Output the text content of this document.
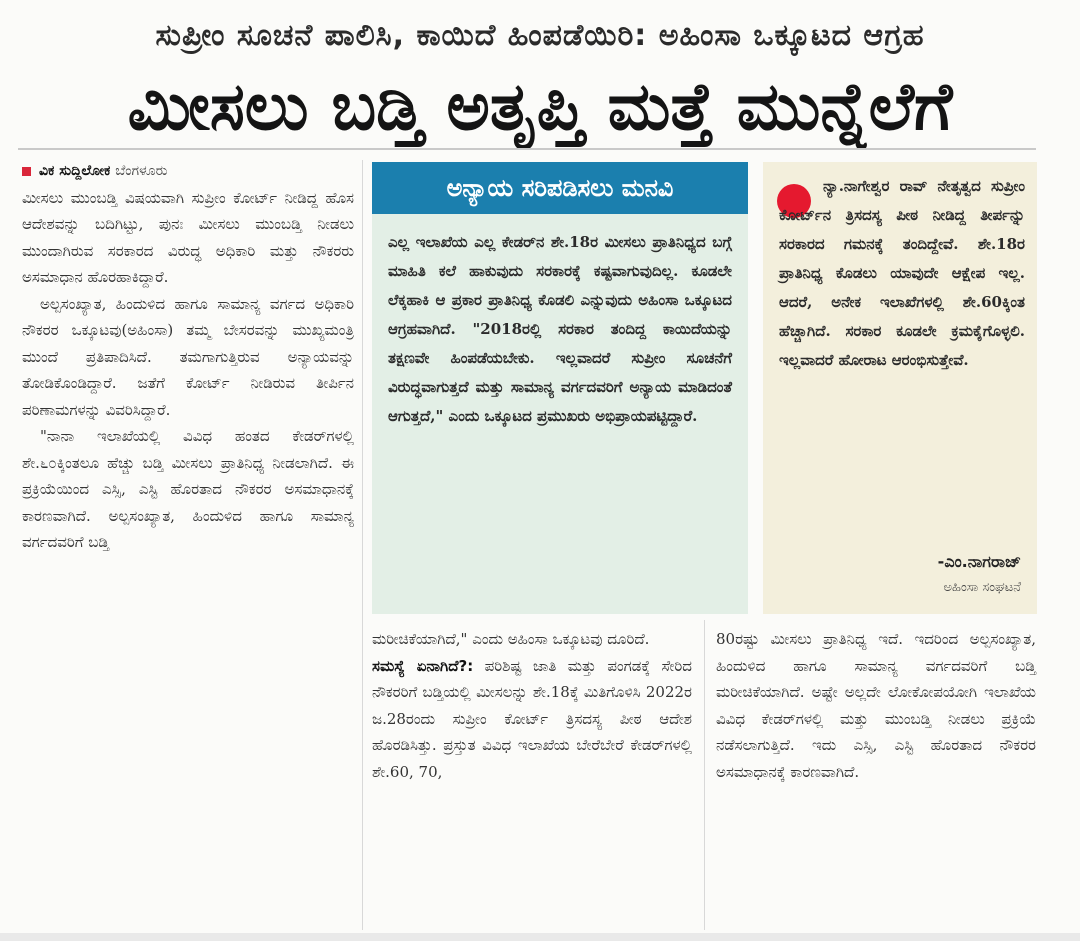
ಸುಪ್ರೀಂ ಸೂಚನೆ ಪಾಲಿಸಿ, ಕಾಯಿದೆ ಹಿಂಪಡೆಯಿರಿ: ಅಹಿಂಸಾ ಒಕ್ಕೂಟದ ಆಗ್ರಹ
ಮೀಸಲು ಬಡ್ತಿ ಅತೃಪ್ತಿ ಮತ್ತೆ ಮುನ್ನೆಲೆಗೆ

ವಿಕ ಸುದ್ದಿಲೋಕ ಬೆಂಗಳೂರು

ಮೀಸಲು ಮುಂಬಡ್ತಿ ವಿಷಯವಾಗಿ ಸುಪ್ರೀಂ ಕೋರ್ಟ್‌ ನೀಡಿದ್ದ ಹೊಸ ಆದೇಶವನ್ನು ಬದಿಗಿಟ್ಟು, ಪುನಃ ಮೀಸಲು ಮುಂಬಡ್ತಿ ನೀಡಲು ಮುಂದಾಗಿರುವ ಸರಕಾರದ ವಿರುದ್ಧ ಅಧಿಕಾರಿ ಮತ್ತು ನೌಕರರು ಅಸಮಾಧಾನ ಹೊರಹಾಕಿದ್ದಾರೆ.

ಅಲ್ಪಸಂಖ್ಯಾತ, ಹಿಂದುಳಿದ ಹಾಗೂ ಸಾಮಾನ್ಯ ವರ್ಗದ ಅಧಿಕಾರಿ ನೌಕರರ ಒಕ್ಕೂಟವು(ಅಹಿಂಸಾ) ತಮ್ಮ ಬೇಸರವನ್ನು ಮುಖ್ಯಮಂತ್ರಿ ಮುಂದೆ ಪ್ರತಿಪಾದಿಸಿದೆ. ತಮಗಾಗುತ್ತಿರುವ ಅನ್ಯಾಯವನ್ನು ತೋಡಿಕೊಂಡಿದ್ದಾರೆ. ಜತೆಗೆ ಕೋರ್ಟ್‌ ನೀಡಿರುವ ತೀರ್ಪಿನ ಪರಿಣಾಮಗಳನ್ನು ವಿವರಿಸಿದ್ದಾರೆ.

"ನಾನಾ ಇಲಾಖೆಯಲ್ಲಿ ವಿವಿಧ ಹಂತದ ಕೇಡರ್‌ಗಳಲ್ಲಿ ಶೇ.೬೦ಕ್ಕಿಂತಲೂ ಹೆಚ್ಚು ಬಡ್ತಿ ಮೀಸಲು ಪ್ರಾತಿನಿಧ್ಯ ನೀಡಲಾಗಿದೆ. ಈ ಪ್ರಕ್ರಿಯೆಯಿಂದ ಎಸ್ಸಿ, ಎಸ್ಟಿ ಹೊರತಾದ ನೌಕರರ ಅಸಮಾಧಾನಕ್ಕೆ ಕಾರಣವಾಗಿದೆ. ಅಲ್ಪಸಂಖ್ಯಾತ, ಹಿಂದುಳಿದ ಹಾಗೂ ಸಾಮಾನ್ಯ ವರ್ಗದವರಿಗೆ ಬಡ್ತಿ

ಅನ್ಯಾಯ ಸರಿಪಡಿಸಲು ಮನವಿ
ಎಲ್ಲ ಇಲಾಖೆಯ ಎಲ್ಲ ಕೇಡರ್‌ನ ಶೇ.18ರ ಮೀಸಲು ಪ್ರಾತಿನಿಧ್ಯದ ಬಗ್ಗೆ ಮಾಹಿತಿ ಕಲೆ ಹಾಕುವುದು ಸರಕಾರಕ್ಕೆ ಕಷ್ಟವಾಗುವುದಿಲ್ಲ. ಕೂಡಲೇ ಲೆಕ್ಕಹಾಕಿ ಆ ಪ್ರಕಾರ ಪ್ರಾತಿನಿಧ್ಯ ಕೊಡಲಿ ಎನ್ನುವುದು ಅಹಿಂಸಾ ಒಕ್ಕೂಟದ ಆಗ್ರಹವಾಗಿದೆ. "2018ರಲ್ಲಿ ಸರಕಾರ ತಂದಿದ್ದ ಕಾಯಿದೆಯನ್ನು ತಕ್ಷಣವೇ ಹಿಂಪಡೆಯಬೇಕು. ಇಲ್ಲವಾದರೆ ಸುಪ್ರೀಂ ಸೂಚನೆಗೆ ವಿರುದ್ಧವಾಗುತ್ತದೆ ಮತ್ತು ಸಾಮಾನ್ಯ ವರ್ಗದವರಿಗೆ ಅನ್ಯಾಯ ಮಾಡಿದಂತೆ ಆಗುತ್ತದೆ," ಎಂದು ಒಕ್ಕೂಟದ ಪ್ರಮುಖರು ಅಭಿಪ್ರಾಯಪಟ್ಟಿದ್ದಾರೆ.
ನ್ಯಾ.ನಾಗೇಶ್ವರ ರಾವ್ ನೇತೃತ್ವದ ಸುಪ್ರೀಂ ಕೋರ್ಟ್‌ನ ತ್ರಿಸದಸ್ಯ ಪೀಠ ನೀಡಿದ್ದ ತೀರ್ಪನ್ನು ಸರಕಾರದ ಗಮನಕ್ಕೆ ತಂದಿದ್ದೇವೆ. ಶೇ.18ರ ಪ್ರಾತಿನಿಧ್ಯ ಕೊಡಲು ಯಾವುದೇ ಆಕ್ಷೇಪ ಇಲ್ಲ. ಆದರೆ, ಅನೇಕ ಇಲಾಖೆಗಳಲ್ಲಿ ಶೇ.60ಕ್ಕಿಂತ ಹೆಚ್ಚಾಗಿದೆ. ಸರಕಾರ ಕೂಡಲೇ ಕ್ರಮಕೈಗೊಳ್ಳಲಿ. ಇಲ್ಲವಾದರೆ ಹೋರಾಟ ಆರಂಭಿಸುತ್ತೇವೆ.
-ಎಂ.ನಾಗರಾಜ್
ಅಹಿಂಸಾ ಸಂಘಟನೆ

ಮರೀಚಿಕೆಯಾಗಿದೆ," ಎಂದು ಅಹಿಂಸಾ ಒಕ್ಕೂಟವು ದೂರಿದೆ.

ಸಮಸ್ಯೆ ಏನಾಗಿದೆ?: ಪರಿಶಿಷ್ಟ ಜಾತಿ ಮತ್ತು ಪಂಗಡಕ್ಕೆ ಸೇರಿದ ನೌಕರರಿಗೆ ಬಡ್ತಿಯಲ್ಲಿ ಮೀಸಲನ್ನು ಶೇ.18ಕ್ಕೆ ಮಿತಿಗೊಳಿಸಿ 2022ರ ಜ.28ರಂದು ಸುಪ್ರೀಂ ಕೋರ್ಟ್‌ ತ್ರಿಸದಸ್ಯ ಪೀಠ ಆದೇಶ ಹೊರಡಿಸಿತ್ತು. ಪ್ರಸ್ತುತ ವಿವಿಧ ಇಲಾಖೆಯ ಬೇರೆಬೇರೆ ಕೇಡರ್‌ಗಳಲ್ಲಿ ಶೇ.60, 70,

80ರಷ್ಟು ಮೀಸಲು ಪ್ರಾತಿನಿಧ್ಯ ಇದೆ. ಇದರಿಂದ ಅಲ್ಪಸಂಖ್ಯಾತ, ಹಿಂದುಳಿದ ಹಾಗೂ ಸಾಮಾನ್ಯ ವರ್ಗದವರಿಗೆ ಬಡ್ತಿ ಮರೀಚಿಕೆಯಾಗಿದೆ. ಅಷ್ಟೇ ಅಲ್ಲದೇ ಲೋಕೋಪಯೋಗಿ ಇಲಾಖೆಯ ವಿವಿಧ ಕೇಡರ್‌ಗಳಲ್ಲಿ ಮತ್ತು ಮುಂಬಡ್ತಿ ನೀಡಲು ಪ್ರಕ್ರಿಯೆ ನಡೆಸಲಾಗುತ್ತಿದೆ. ಇದು ಎಸ್ಸಿ, ಎಸ್ಟಿ ಹೊರತಾದ ನೌಕರರ ಅಸಮಾಧಾನಕ್ಕೆ ಕಾರಣವಾಗಿದೆ.
